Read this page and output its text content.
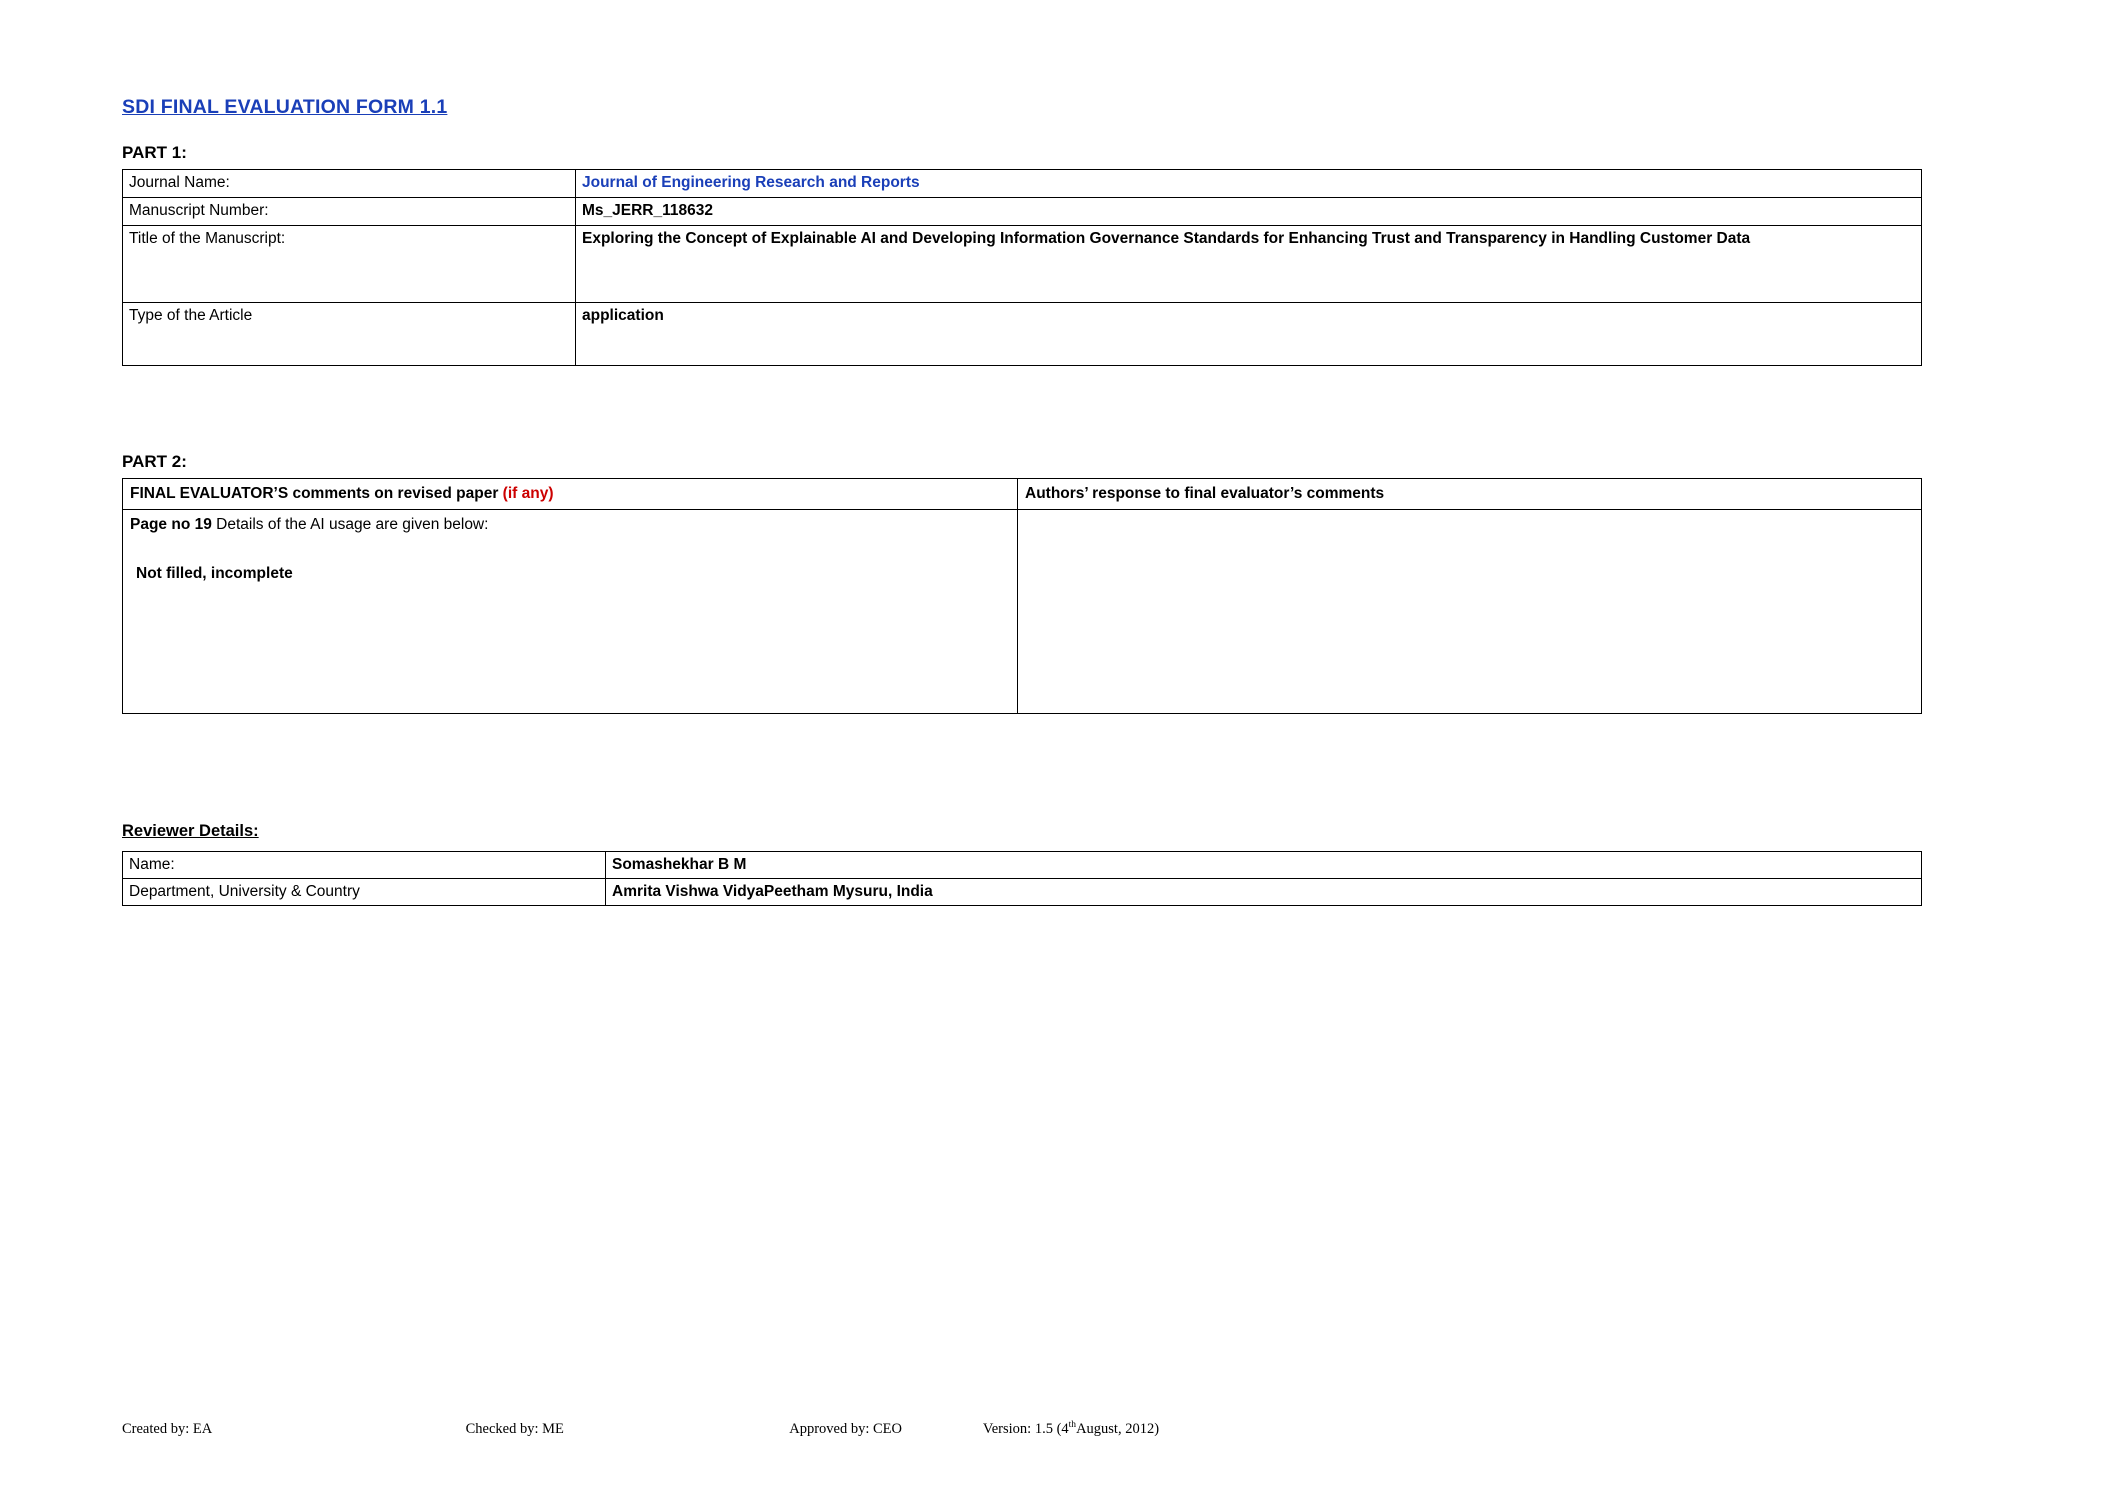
SDI FINAL EVALUATION FORM 1.1
PART 1:
Journal Name:	Journal of Engineering Research and Reports
Manuscript Number:	Ms_JERR_118632
Title of the Manuscript:	Exploring the Concept of Explainable AI and Developing Information Governance Standards for Enhancing Trust and Transparency in Handling Customer Data
Type of the Article	application
PART 2:
FINAL EVALUATOR’S comments on revised paper (if any)	Authors’ response to final evaluator’s comments
Page no 19 Details of the AI usage are given below:
Not filled, incomplete	

Reviewer Details:
Name:	Somashekhar B M
Department, University & Country	Amrita Vishwa VidyaPeetham Mysuru, India
Created by: EA	Checked by: ME	Approved by: CEO	Version: 1.5 (4thAugust, 2012)
